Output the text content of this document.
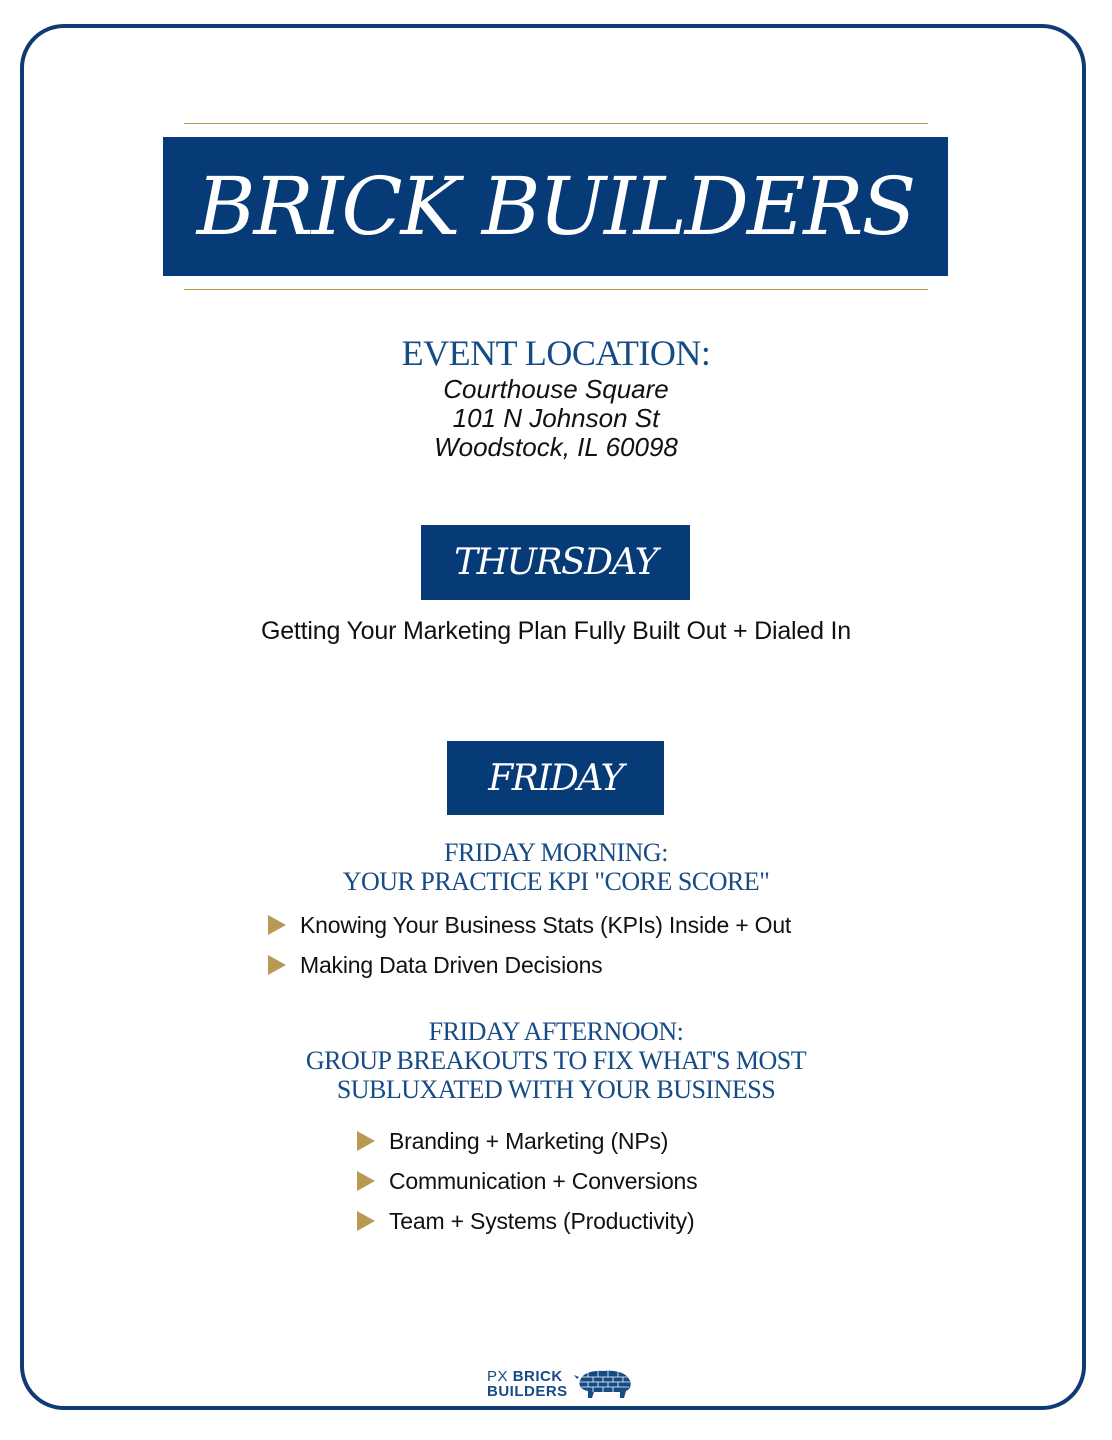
BRICK BUILDERS
EVENT LOCATION:
Courthouse Square
101 N Johnson St
Woodstock, IL 60098
THURSDAY
Getting Your Marketing Plan Fully Built Out + Dialed In
FRIDAY
FRIDAY MORNING:
YOUR PRACTICE KPI "CORE SCORE"
Knowing Your Business Stats (KPIs) Inside + Out
Making Data Driven Decisions
FRIDAY AFTERNOON:
GROUP BREAKOUTS TO FIX WHAT'S MOST
SUBLUXATED WITH YOUR BUSINESS
Branding + Marketing (NPs)
Communication + Conversions
Team + Systems (Productivity)
PX BRICK
BUILDERS
